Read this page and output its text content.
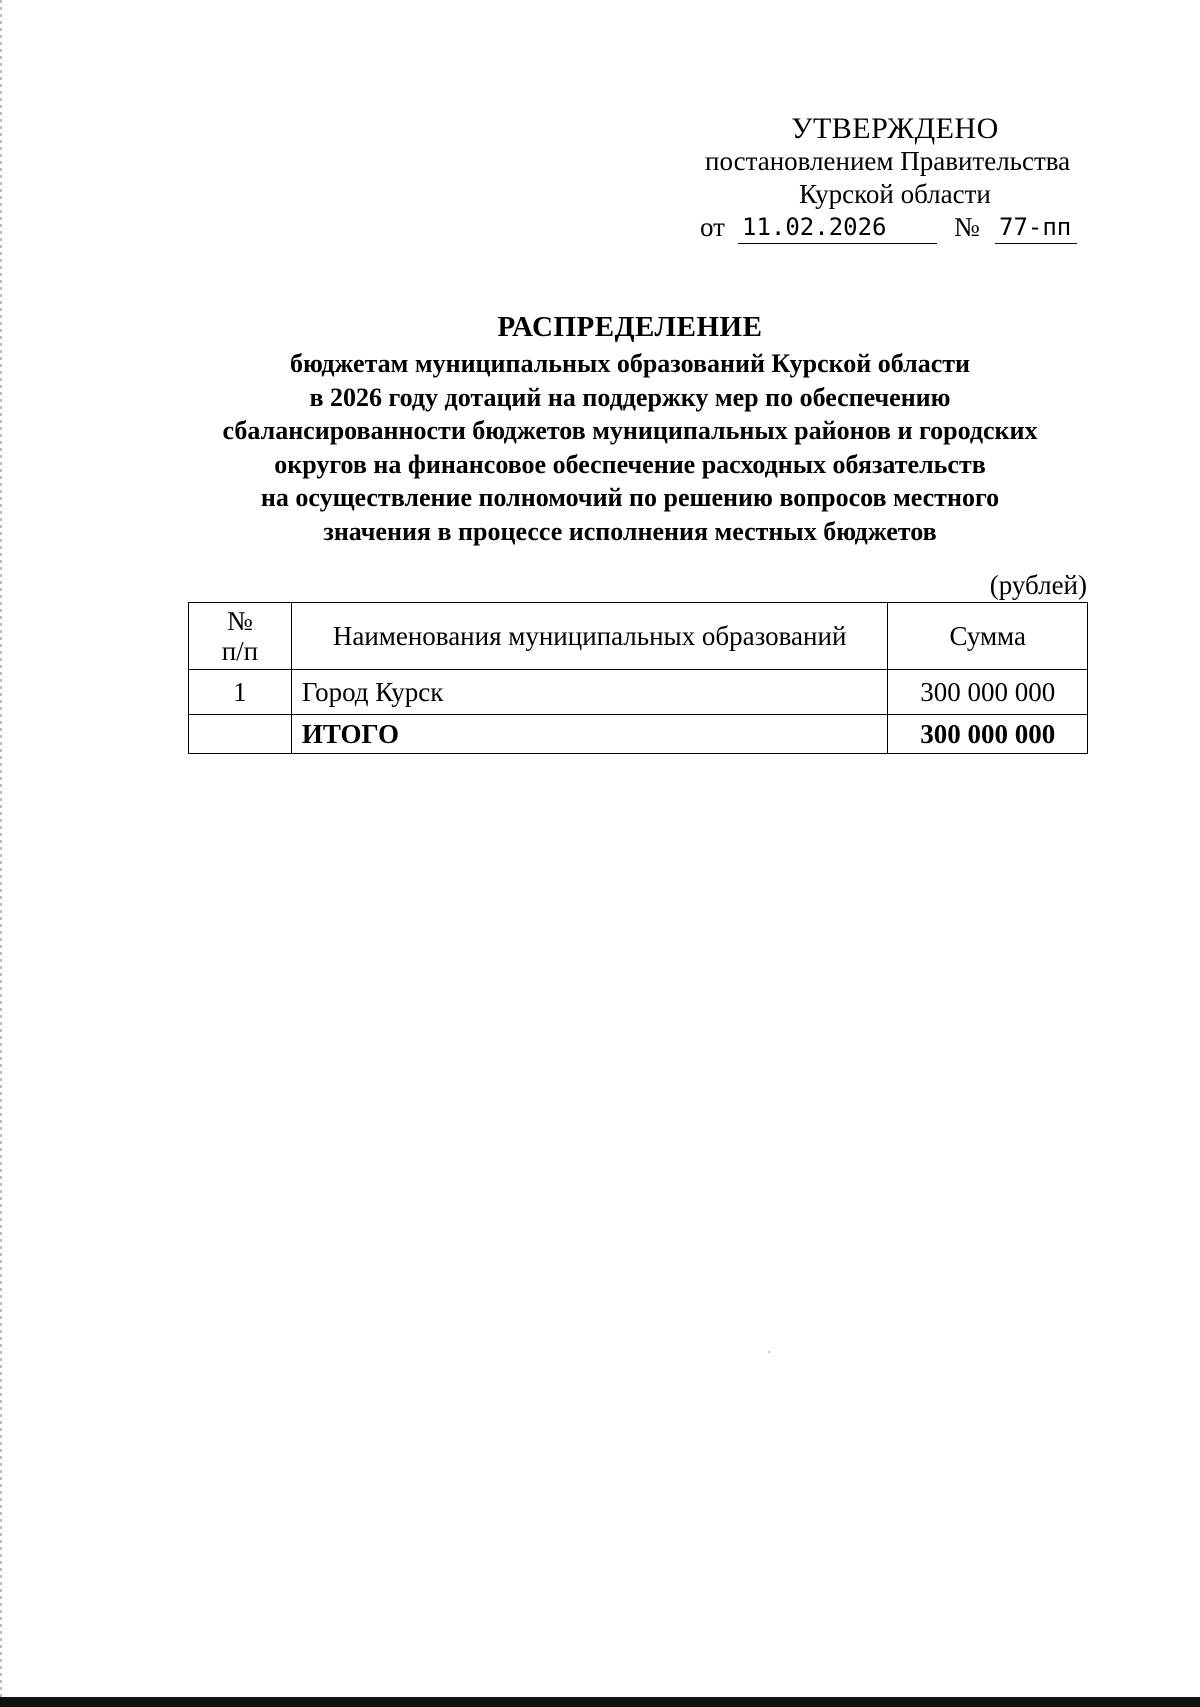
УТВЕРЖДЕНО
постановлением Правительства
Курской области
от 11.02.2026	№ 77-пп
РАСПРЕДЕЛЕНИЕ
бюджетам муниципальных образований Курской области
в 2026 году дотаций на поддержку мер по обеспечению
сбалансированности бюджетов муниципальных районов и городских
округов на финансовое обеспечение расходных обязательств
на осуществление полномочий по решению вопросов местного
значения в процессе исполнения местных бюджетов
(рублей)
№
п/п	Наименования муниципальных образований	Сумма
1	Город Курск	300 000 000
	ИТОГО	300 000 000
